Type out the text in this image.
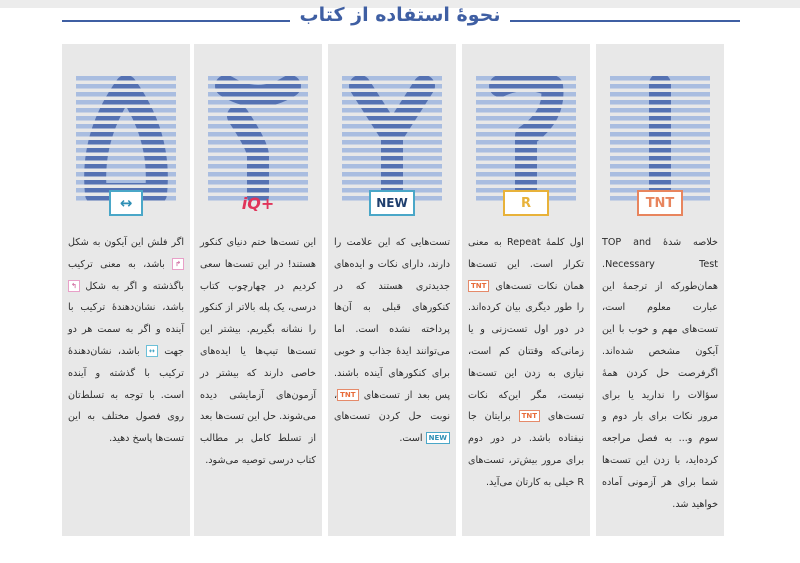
نحوهٔ استفاده از کتاب
TNT
خلاصه شدهٔ TOP and Necessary Test. همان‌طورکه از ترجمهٔ این عبارت معلوم است، تست‌های مهم و خوب با این آیکون مشخص شده‌اند. اگرفرصت حل کردن همهٔ سؤالات را ندارید یا برای مرور نکات برای بار دوم و سوم و... به فصل مراجعه کرده‌اید، با زدن این تست‌ها شما برای هر آزمونی آماده خواهید شد.
R
اول کلمهٔ Repeat به معنی تکرار است. این تست‌ها همان نکات تست‌های TNT را طور دیگری بیان کرده‌اند. در دور اول تست‌زنی و یا زمانی‌که وقتتان کم است، نیازی به زدن این تست‌ها نیست، مگر این‌که نکات تست‌های TNT برایتان جا نیفتاده باشد. در دور دوم برای مرور بیش‌تر، تست‌های R خیلی به کارتان می‌آید.
NEW
تست‌هایی که این علامت را دارند، دارای نکات و ایده‌های جدیدتری هستند که در کنکورهای قبلی به آن‌ها پرداخته نشده است. اما می‌توانند ایدهٔ جذاب و خوبی برای کنکورهای آینده باشند. پس بعد از تست‌های TNT، نوبت حل کردن تست‌های NEW است.
iQ+
این تست‌ها ختم دنیای کنکور هستند! در این تست‌ها سعی کردیم در چهارچوب کتاب درسی، یک پله بالاتر از کنکور را نشانه بگیریم. بیشتر این تست‌ها تیپ‌ها یا ایده‌های خاصی دارند که بیشتر در آزمون‌های آزمایشی دیده می‌شوند. حل این تست‌ها بعد از تسلط کامل بر مطالب کتاب درسی توصیه می‌شود.
↔
اگر فلش این آیکون به شکل ↱ باشد، به معنی ترکیب باگذشته و اگر به شکل ↰ باشد، نشان‌دهندهٔ ترکیب با آینده و اگر به سمت هر دو جهت ↔ باشد، نشان‌دهندهٔ ترکیب با گذشته و آینده است. با توجه به تسلط‌تان روی فصول مختلف به این تست‌ها پاسخ دهید.
